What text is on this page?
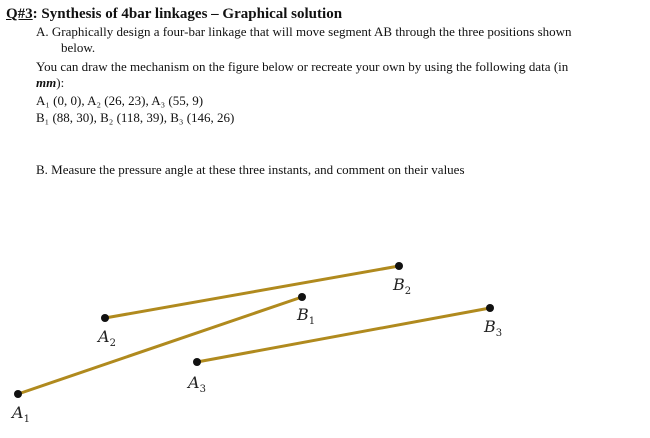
Q#3: Synthesis of 4bar linkages – Graphical solution
A. Graphically design a four-bar linkage that will move segment AB through the three positions shown
below.
You can draw the mechanism on the figure below or recreate your own by using the following data (in
mm):
A₁ (0, 0), A₂ (26, 23), A₃ (55, 9)
B₁ (88, 30), B₂ (118, 39), B₃ (146, 26)
B. Measure the pressure angle at these three instants, and comment on their values
$A_1$
$A_2$
$A_3$
$B_1$
$B_2$
$B_3$
